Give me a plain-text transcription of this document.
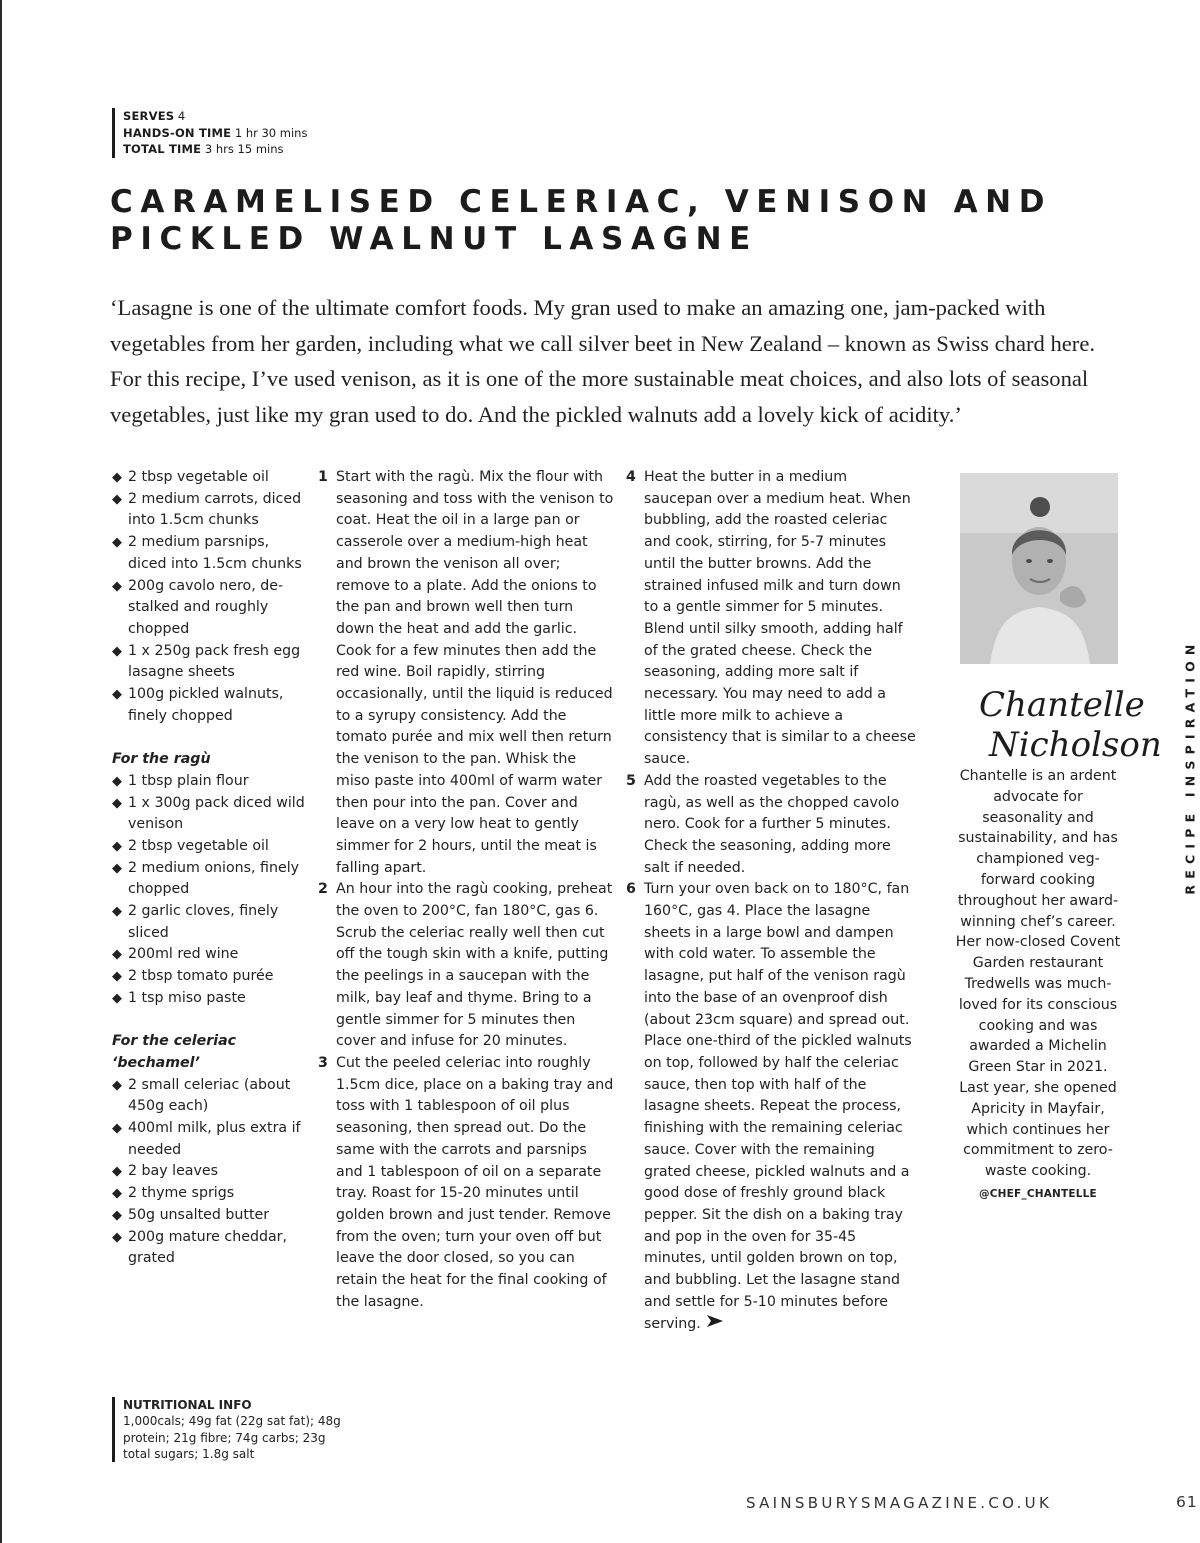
SERVES 4
HANDS-ON TIME 1 hr 30 mins
TOTAL TIME 3 hrs 15 mins
CARAMELISED CELERIAC, VENISON AND PICKLED WALNUT LASAGNE

‘Lasagne is one of the ultimate comfort foods. My gran used to make an amazing one, jam-packed with vegetables from her garden, including what we call silver beet in New Zealand – known as Swiss chard here. For this recipe, I’ve used venison, as it is one of the more sustainable meat choices, and also lots of seasonal vegetables, just like my gran used to do. And the pickled walnuts add a lovely kick of acidity.’

◆ 2 tbsp vegetable oil
◆ 2 medium carrots, diced into 1.5cm chunks
◆ 2 medium parsnips, diced into 1.5cm chunks
◆ 200g cavolo nero, de-stalked and roughly chopped
◆ 1 x 250g pack fresh egg lasagne sheets
◆ 100g pickled walnuts, finely chopped
For the ragù
◆ 1 tbsp plain flour
◆ 1 x 300g pack diced wild venison
◆ 2 tbsp vegetable oil
◆ 2 medium onions, finely chopped
◆ 2 garlic cloves, finely sliced
◆ 200ml red wine
◆ 2 tbsp tomato purée
◆ 1 tsp miso paste
For the celeriac ‘bechamel’
◆ 2 small celeriac (about 450g each)
◆ 400ml milk, plus extra if needed
◆ 2 bay leaves
◆ 2 thyme sprigs
◆ 50g unsalted butter
◆ 200g mature cheddar, grated
1 Start with the ragù. Mix the flour with seasoning and toss with the venison to coat. Heat the oil in a large pan or casserole over a medium-high heat and brown the venison all over; remove to a plate. Add the onions to the pan and brown well then turn down the heat and add the garlic. Cook for a few minutes then add the red wine. Boil rapidly, stirring occasionally, until the liquid is reduced to a syrupy consistency. Add the tomato purée and mix well then return the venison to the pan. Whisk the miso paste into 400ml of warm water then pour into the pan. Cover and leave on a very low heat to gently simmer for 2 hours, until the meat is falling apart.
2 An hour into the ragù cooking, preheat the oven to 200°C, fan 180°C, gas 6. Scrub the celeriac really well then cut off the tough skin with a knife, putting the peelings in a saucepan with the milk, bay leaf and thyme. Bring to a gentle simmer for 5 minutes then cover and infuse for 20 minutes.
3 Cut the peeled celeriac into roughly 1.5cm dice, place on a baking tray and toss with 1 tablespoon of oil plus seasoning, then spread out. Do the same with the carrots and parsnips and 1 tablespoon of oil on a separate tray. Roast for 15-20 minutes until golden brown and just tender. Remove from the oven; turn your oven off but leave the door closed, so you can retain the heat for the final cooking of the lasagne.
4 Heat the butter in a medium saucepan over a medium heat. When bubbling, add the roasted celeriac and cook, stirring, for 5-7 minutes until the butter browns. Add the strained infused milk and turn down to a gentle simmer for 5 minutes. Blend until silky smooth, adding half of the grated cheese. Check the seasoning, adding more salt if necessary. You may need to add a little more milk to achieve a consistency that is similar to a cheese sauce.
5 Add the roasted vegetables to the ragù, as well as the chopped cavolo nero. Cook for a further 5 minutes. Check the seasoning, adding more salt if needed.
6 Turn your oven back on to 180°C, fan 160°C, gas 4. Place the lasagne sheets in a large bowl and dampen with cold water. To assemble the lasagne, put half of the venison ragù into the base of an ovenproof dish (about 23cm square) and spread out. Place one-third of the pickled walnuts on top, followed by half the celeriac sauce, then top with half of the lasagne sheets. Repeat the process, finishing with the remaining celeriac sauce. Cover with the remaining grated cheese, pickled walnuts and a good dose of freshly ground black pepper. Sit the dish on a baking tray and pop in the oven for 35-45 minutes, until golden brown on top, and bubbling. Let the lasagne stand and settle for 5-10 minutes before serving.
Chantelle
Nicholson

Chantelle is an ardent advocate for seasonality and sustainability, and has championed veg-forward cooking throughout her award-winning chef’s career. Her now-closed Covent Garden restaurant Tredwells was much-loved for its conscious cooking and was awarded a Michelin Green Star in 2021. Last year, she opened Apricity in Mayfair, which continues her commitment to zero-waste cooking.

@CHEF_CHANTELLE
RECIPE INSPIRATION
NUTRITIONAL INFO
1,000cals; 49g fat (22g sat fat); 48g protein; 21g fibre; 74g carbs; 23g total sugars; 1.8g salt
SAINSBURYSMAGAZINE.CO.UK	61
